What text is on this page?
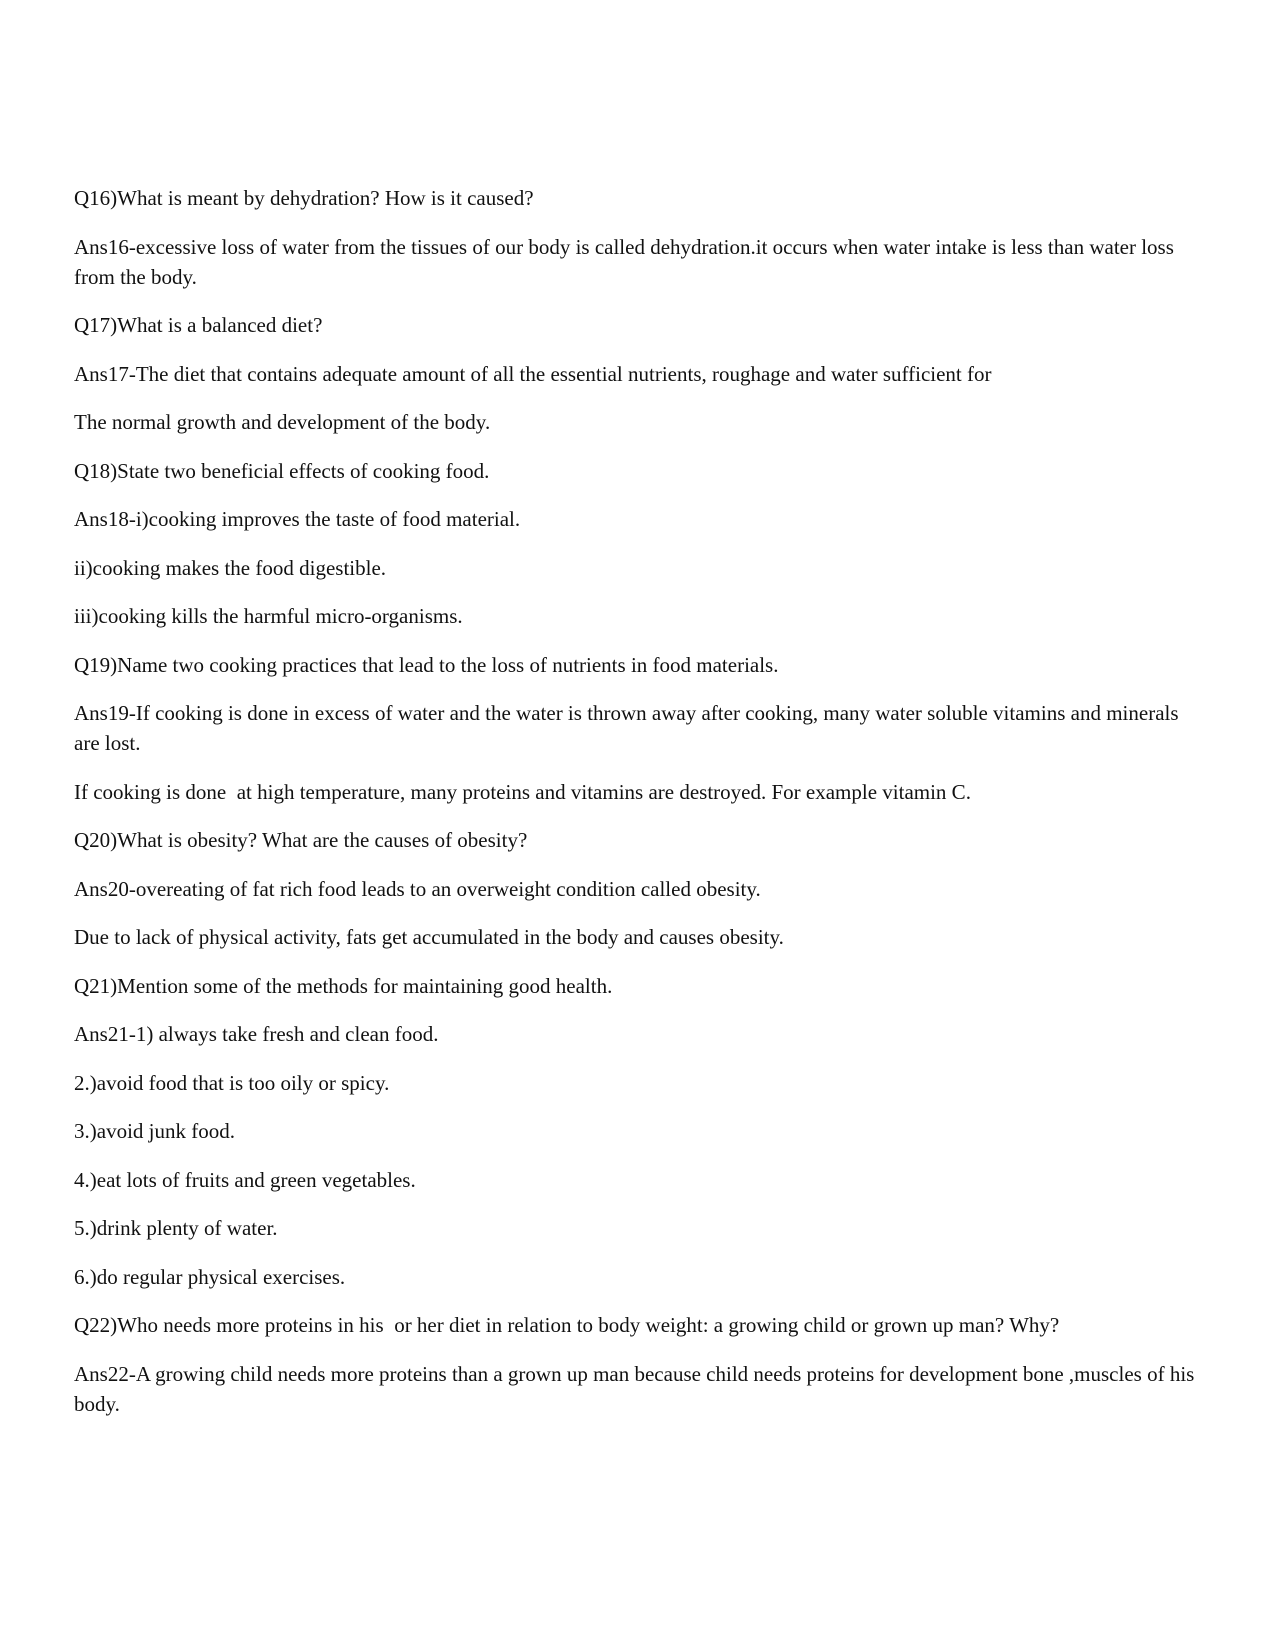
Q16)What is meant by dehydration? How is it caused?

Ans16-excessive loss of water from the tissues of our body is called dehydration.it occurs when water intake is less than water loss from the body.

Q17)What is a balanced diet?

Ans17-The diet that contains adequate amount of all the essential nutrients, roughage and water sufficient for

The normal growth and development of the body.

Q18)State two beneficial effects of cooking food.

Ans18-i)cooking improves the taste of food material.

ii)cooking makes the food digestible.

iii)cooking kills the harmful micro-organisms.

Q19)Name two cooking practices that lead to the loss of nutrients in food materials.

Ans19-If cooking is done in excess of water and the water is thrown away after cooking, many water soluble vitamins and minerals are lost.

If cooking is done  at high temperature, many proteins and vitamins are destroyed. For example vitamin C.

Q20)What is obesity? What are the causes of obesity?

Ans20-overeating of fat rich food leads to an overweight condition called obesity.

Due to lack of physical activity, fats get accumulated in the body and causes obesity.

Q21)Mention some of the methods for maintaining good health.

Ans21-1) always take fresh and clean food.

2.)avoid food that is too oily or spicy.

3.)avoid junk food.

4.)eat lots of fruits and green vegetables.

5.)drink plenty of water.

6.)do regular physical exercises.

Q22)Who needs more proteins in his  or her diet in relation to body weight: a growing child or grown up man? Why?

Ans22-A growing child needs more proteins than a grown up man because child needs proteins for development bone ,muscles of his body.
